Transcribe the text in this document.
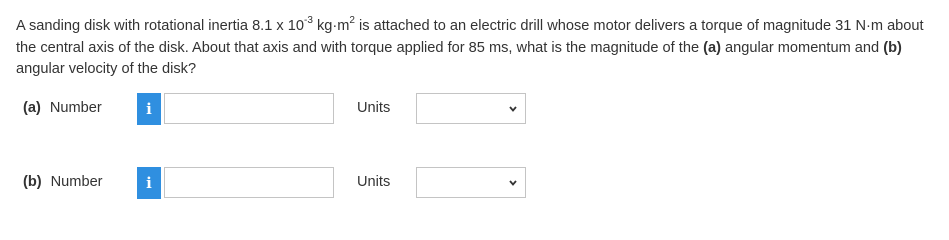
A sanding disk with rotational inertia 8.1 x $10^{-3}$ $kg\cdot m^2$ is attached to an electric drill whose motor delivers a torque of magnitude 31 N·m about the central axis of the disk. About that axis and with torque applied for 85 ms, what is the magnitude of the (a) angular momentum and (b) angular velocity of the disk?
(a) Number	i	Units
(b) Number	i	Units
